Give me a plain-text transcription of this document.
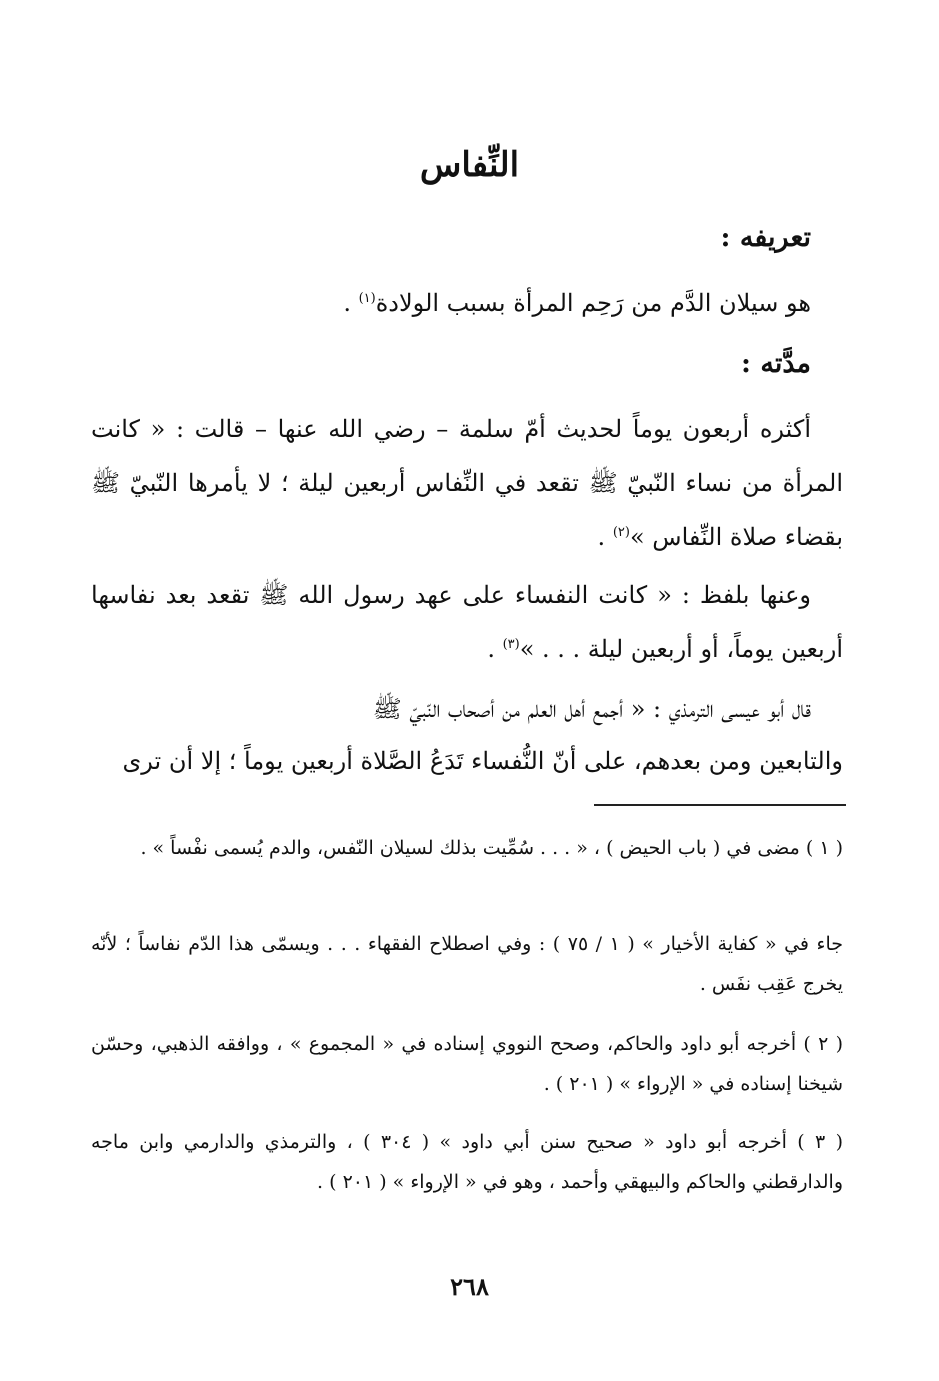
النِّفاس
تعريفه :
هو سيلان الدَّم من رَحِم المرأة بسبب الولادة$^{(١)}$ .
مدَّته :
أكثره أربعون يوماً لحديث أمّ سلمة – رضي الله عنها – قالت : « كانت المرأة من نساء النّبيّ ﷺ تقعد في النِّفاس أربعين ليلة ؛ لا يأمرها النّبيّ ﷺ بقضاء صلاة النِّفاس »$^{(٢)}$ .
وعنها بلفظ : « كانت النفساء على عهد رسول الله ﷺ تقعد بعد نفاسها أربعين يوماً، أو أربعين ليلة . . . »$^{(٣)}$ .
قال أبو عيسى الترمذي : « أجمع أهل العلم من أصحاب النّبيّ ﷺ
والتابعين ومن بعدهم، على أنّ النُّفساء تَدَعُ الصَّلاة أربعين يوماً ؛ إلا أن ترى
( ١ ) مضى في ( باب الحيض ) ، « . . . سُمِّيت بذلك لسيلان النّفس، والدم يُسمى نفْساً » .
جاء في « كفاية الأخيار » ( ١ / ٧٥ ) : وفي اصطلاح الفقهاء . . . ويسمّى هذا الدّم نفاساً ؛ لأنّه يخرج عَقِب نفَس .
( ٢ ) أخرجه أبو داود والحاكم، وصحح النووي إسناده في « المجموع » ، ووافقه الذهبي، وحسّن شيخنا إسناده في « الإرواء » ( ٢٠١ ) .
( ٣ ) أخرجه أبو داود « صحيح سنن أبي داود » ( ٣٠٤ ) ، والترمذي والدارمي وابن ماجه والدارقطني والحاكم والبيهقي وأحمد ، وهو في « الإرواء » ( ٢٠١ ) .
٢٦٨
